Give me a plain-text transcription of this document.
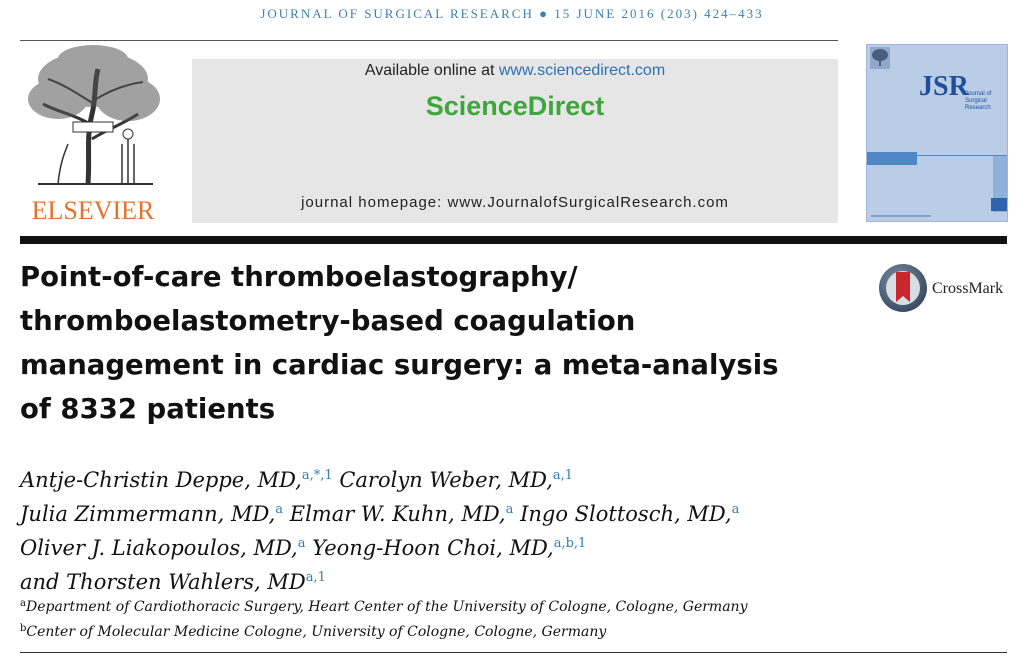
JOURNAL OF SURGICAL RESEARCH ● 15 JUNE 2016 (203) 424–433
ELSEVIER
Available online at www.sciencedirect.com
ScienceDirect
journal homepage: www.JournalofSurgicalResearch.com
JSR
Journal of Surgical Research
Point-of-care thromboelastography/
thromboelastometry-based coagulation
management in cardiac surgery: a meta-analysis
of 8332 patients
CrossMark
Antje-Christin Deppe, MD,$^{a,*,1}$ Carolyn Weber, MD,$^{a,1}$
Julia Zimmermann, MD,$^a$ Elmar W. Kuhn, MD,$^a$ Ingo Slottosch, MD,$^a$
Oliver J. Liakopoulos, MD,$^a$ Yeong-Hoon Choi, MD,$^{a,b,1}$
and Thorsten Wahlers, MD$^{a,1}$
$^a$Department of Cardiothoracic Surgery, Heart Center of the University of Cologne, Cologne, Germany
$^b$Center of Molecular Medicine Cologne, University of Cologne, Cologne, Germany
